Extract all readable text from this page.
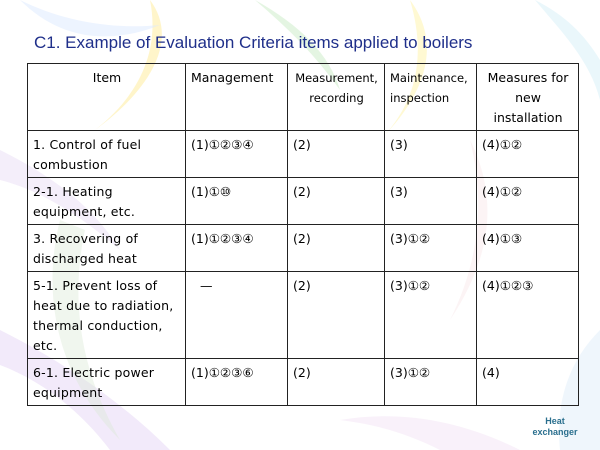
C1. Example of Evaluation Criteria items applied to boilers
Item	Management	Measurement, recording	Maintenance, inspection	Measures for new installation
1. Control of fuel combustion	(1)①②③④	(2)	(3)	(4)①②
2-1. Heating equipment, etc.	(1)①⑩	(2)	(3)	(4)①②
3. Recovering of discharged heat	(1)①②③④	(2)	(3)①②	(4)①③
5-1. Prevent loss of heat due to radiation, thermal conduction, etc.	—	(2)	(3)①②	(4)①②③
6-1. Electric power equipment	(1)①②③⑥	(2)	(3)①②	(4)
Heat
exchanger
